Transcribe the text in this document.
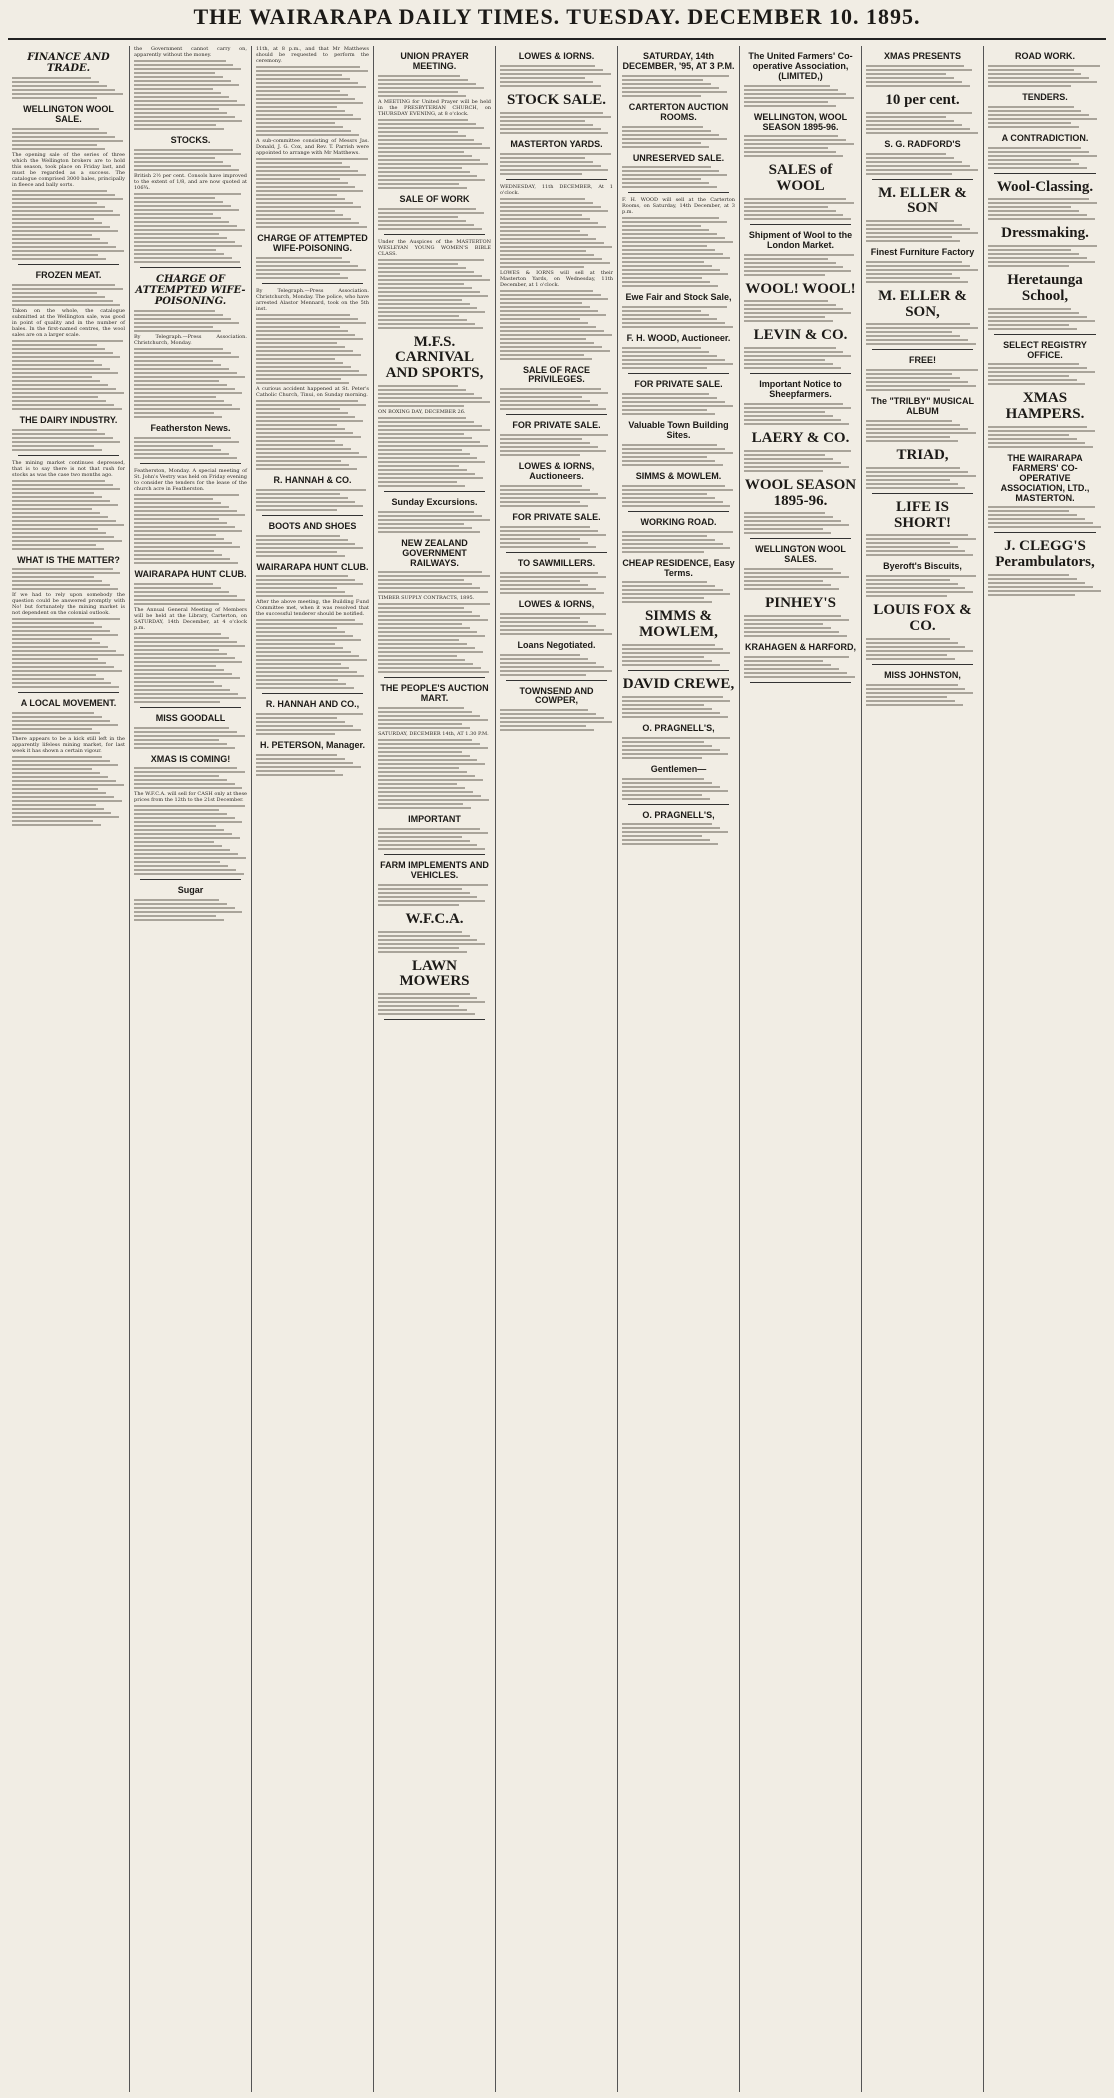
THE WAIRARAPA DAILY TIMES. TUESDAY. DECEMBER 10. 1895.
FINANCE AND TRADE.
WELLINGTON WOOL SALE.
The opening sale of the series of three which the Wellington brokers are to hold this season, took place on Friday last, and must be regarded as a success. The catalogue comprised 3000 bales, principally in fleece and bally sorts.
FROZEN MEAT.
Taken on the whole, the catalogue submitted at the Wellington sale, was good in point of quality and in the number of bales. In the first-named centres, the wool sales are on a larger scale.
THE DAIRY INDUSTRY.
The mining market continues depressed, that is to say there is not that rush for stocks as was the case two months ago.
WHAT IS THE MATTER?
If we had to rely upon somebody the question could be answered promptly with No! but fortunately the mining market is not dependent on the colonial outlook.
A LOCAL MOVEMENT.
There appears to be a kick still left in the apparently lifeless mining market, for last week it has shown a certain vigour.
the Government cannot carry on, apparently without the money.
STOCKS.
British 2½ per cent. Consols have improved to the extent of 1/8, and are now quoted at 106¾.
CHARGE OF ATTEMPTED WIFE-POISONING.
By Telegraph.—Press Association. Christchurch, Monday.
Featherston News.
Featherston, Monday. A special meeting of St. John's Vestry was held on Friday evening to consider the tenders for the lease of the church acre in Featherston.
WAIRARAPA HUNT CLUB.
The Annual General Meeting of Members will be held at the Library, Carterton, on SATURDAY, 14th December, at 4 o'clock p.m.
MISS GOODALL
XMAS IS COMING!
The W.F.C.A. will sell for CASH only at these prices from the 12th to the 21st December.
Sugar
11th, at 8 p.m., and that Mr Matthews should be requested to perform the ceremony.
A sub-committee consisting of Messrs Jas. Donald, J. G. Cox, and Rev. T. Parrish were appointed to arrange with Mr Matthews.
CHARGE OF ATTEMPTED WIFE-POISONING.
By Telegraph.—Press Association. Christchurch, Monday. The police, who have arrested Alastor Mennard, took on the 5th inst.
A curious accident happened at St. Peter's Catholic Church, Tinui, on Sunday morning.
R. HANNAH & CO.
BOOTS AND SHOES
WAIRARAPA HUNT CLUB.
After the above meeting, the Building Fund Committee met, when it was resolved that the successful tenderer should be notified.
R. HANNAH AND CO.,
H. PETERSON, Manager.
UNION PRAYER MEETING.
A MEETING for United Prayer will be held in the PRESBYTERIAN CHURCH, on THURSDAY EVENING, at 8 o'clock.
SALE OF WORK
Under the Auspices of the MASTERTON WESLEYAN YOUNG WOMEN'S BIBLE CLASS.
M.F.S. CARNIVAL AND SPORTS,
ON BOXING DAY, DECEMBER 26.
Sunday Excursions.
NEW ZEALAND GOVERNMENT RAILWAYS.
TIMBER SUPPLY CONTRACTS, 1895.
THE PEOPLE'S AUCTION MART.
SATURDAY, DECEMBER 14th, AT 1.30 P.M.
IMPORTANT
FARM IMPLEMENTS AND VEHICLES.
W.F.C.A.
LAWN MOWERS
LOWES & IORNS.
STOCK SALE.
MASTERTON YARDS.
WEDNESDAY, 11th DECEMBER, At 1 o'clock.
LOWES & IORNS will sell at their Masterton Yards, on Wednesday, 11th December, at 1 o'clock.
SALE OF RACE PRIVILEGES.
FOR PRIVATE SALE.
LOWES & IORNS, Auctioneers.
FOR PRIVATE SALE.
TO SAWMILLERS.
LOWES & IORNS,
Loans Negotiated.
TOWNSEND AND COWPER,
SATURDAY, 14th DECEMBER, '95, AT 3 P.M.
CARTERTON AUCTION ROOMS.
UNRESERVED SALE.
F. H. WOOD will sell at the Carterton Rooms, on Saturday, 14th December, at 3 p.m.
Ewe Fair and Stock Sale,
F. H. WOOD, Auctioneer.
FOR PRIVATE SALE.
Valuable Town Building Sites.
SIMMS & MOWLEM.
WORKING ROAD.
CHEAP RESIDENCE, Easy Terms.
SIMMS & MOWLEM,
DAVID CREWE,
O. PRAGNELL'S,
Gentlemen—
O. PRAGNELL'S,
The United Farmers' Co-operative Association, (LIMITED,)
WELLINGTON, WOOL SEASON 1895-96.
SALES of WOOL
Shipment of Wool to the London Market.
WOOL! WOOL!
LEVIN & CO.
Important Notice to Sheepfarmers.
LAERY & CO.
WOOL SEASON 1895-96.
WELLINGTON WOOL SALES.
PINHEY'S
KRAHAGEN & HARFORD,
XMAS PRESENTS
10 per cent.
S. G. RADFORD'S
M. ELLER & SON
Finest Furniture Factory
M. ELLER & SON,
FREE!
The "TRILBY" MUSICAL ALBUM
TRIAD,
LIFE IS SHORT!
Byeroft's Biscuits,
LOUIS FOX & CO.
MISS JOHNSTON,
ROAD WORK.
TENDERS.
A CONTRADICTION.
Wool-Classing.
Dressmaking.
Heretaunga School,
SELECT REGISTRY OFFICE.
XMAS HAMPERS.
THE WAIRARAPA FARMERS' CO-OPERATIVE ASSOCIATION, LTD., MASTERTON.
J. CLEGG'S Perambulators,
